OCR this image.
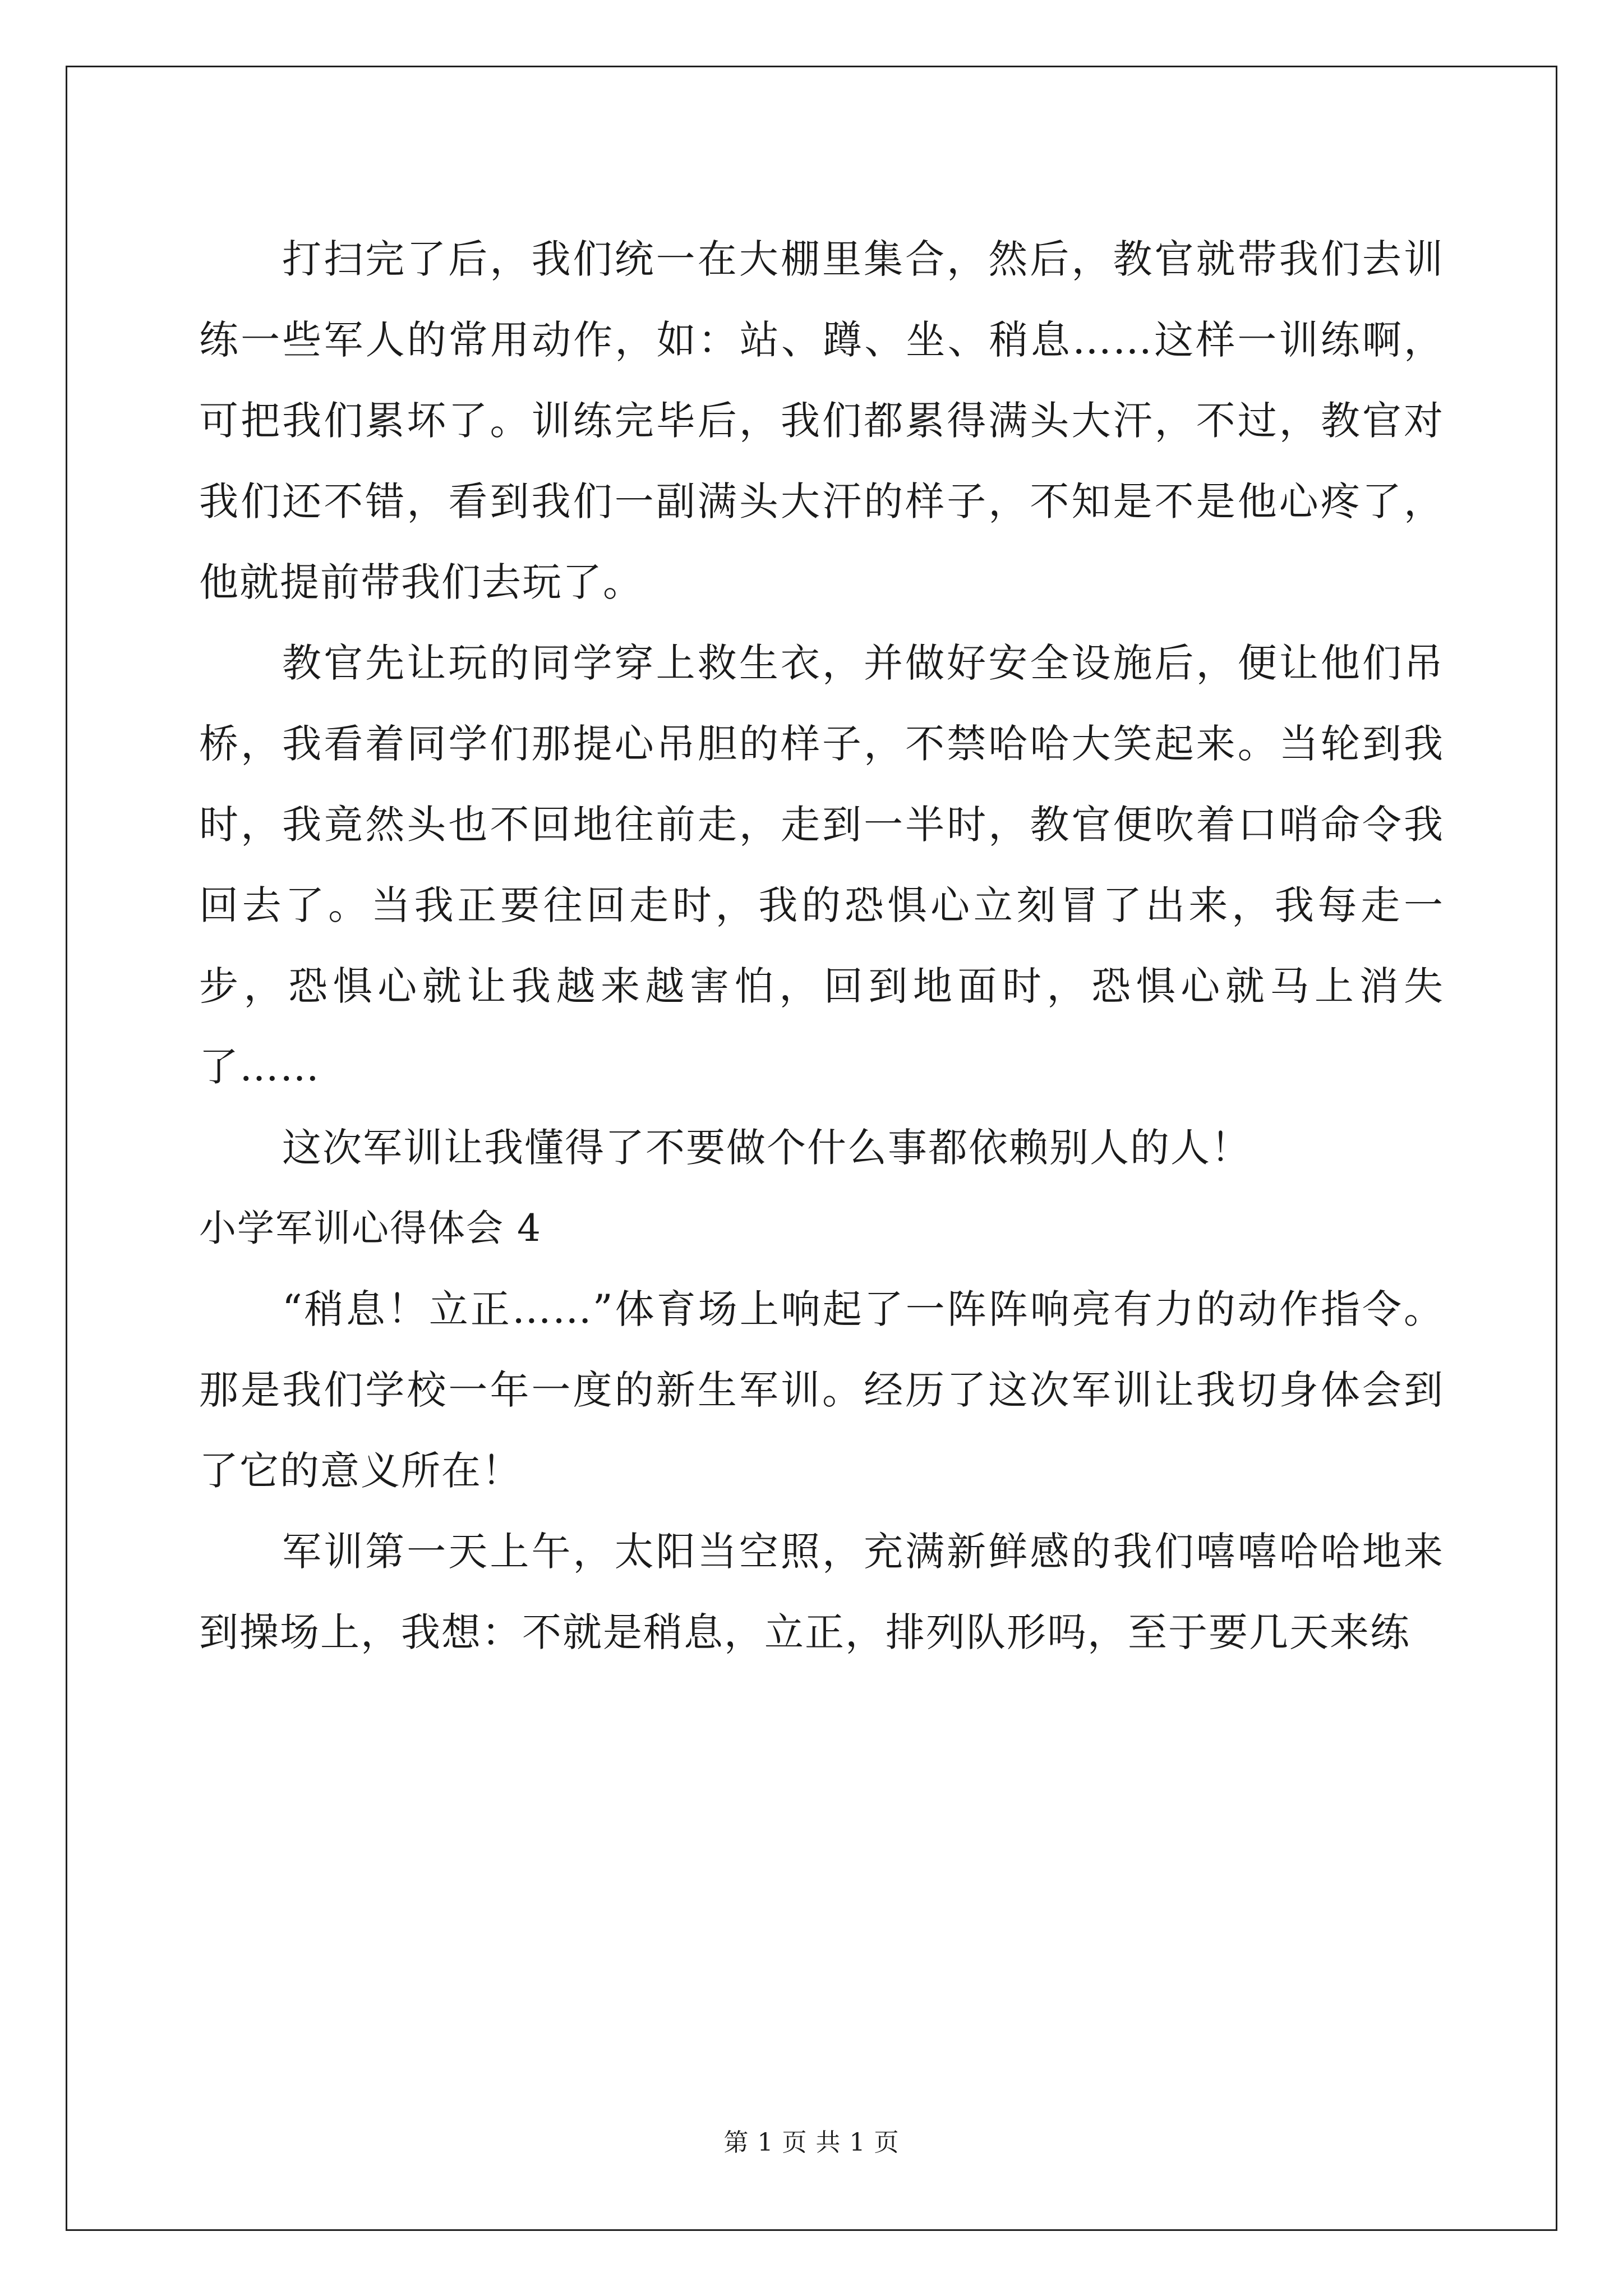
打扫完了后，我们统一在大棚里集合，然后，教官就带我们去训练一些军人的常用动作，如：站、蹲、坐、稍息……这样一训练啊，可把我们累坏了。训练完毕后，我们都累得满头大汗，不过，教官对我们还不错，看到我们一副满头大汗的样子，不知是不是他心疼了，他就提前带我们去玩了。

教官先让玩的同学穿上救生衣，并做好安全设施后，便让他们吊桥，我看着同学们那提心吊胆的样子，不禁哈哈大笑起来。当轮到我时，我竟然头也不回地往前走，走到一半时，教官便吹着口哨命令我回去了。当我正要往回走时，我的恐惧心立刻冒了出来，我每走一步，恐惧心就让我越来越害怕，回到地面时，恐惧心就马上消失了……

这次军训让我懂得了不要做个什么事都依赖别人的人！

小学军训心得体会 4

“稍息！立正……”体育场上响起了一阵阵响亮有力的动作指令。那是我们学校一年一度的新生军训。经历了这次军训让我切身体会到了它的意义所在！

军训第一天上午，太阳当空照，充满新鲜感的我们嘻嘻哈哈地来到操场上，我想：不就是稍息，立正，排列队形吗，至于要几天来练

第 1 页 共 1 页
